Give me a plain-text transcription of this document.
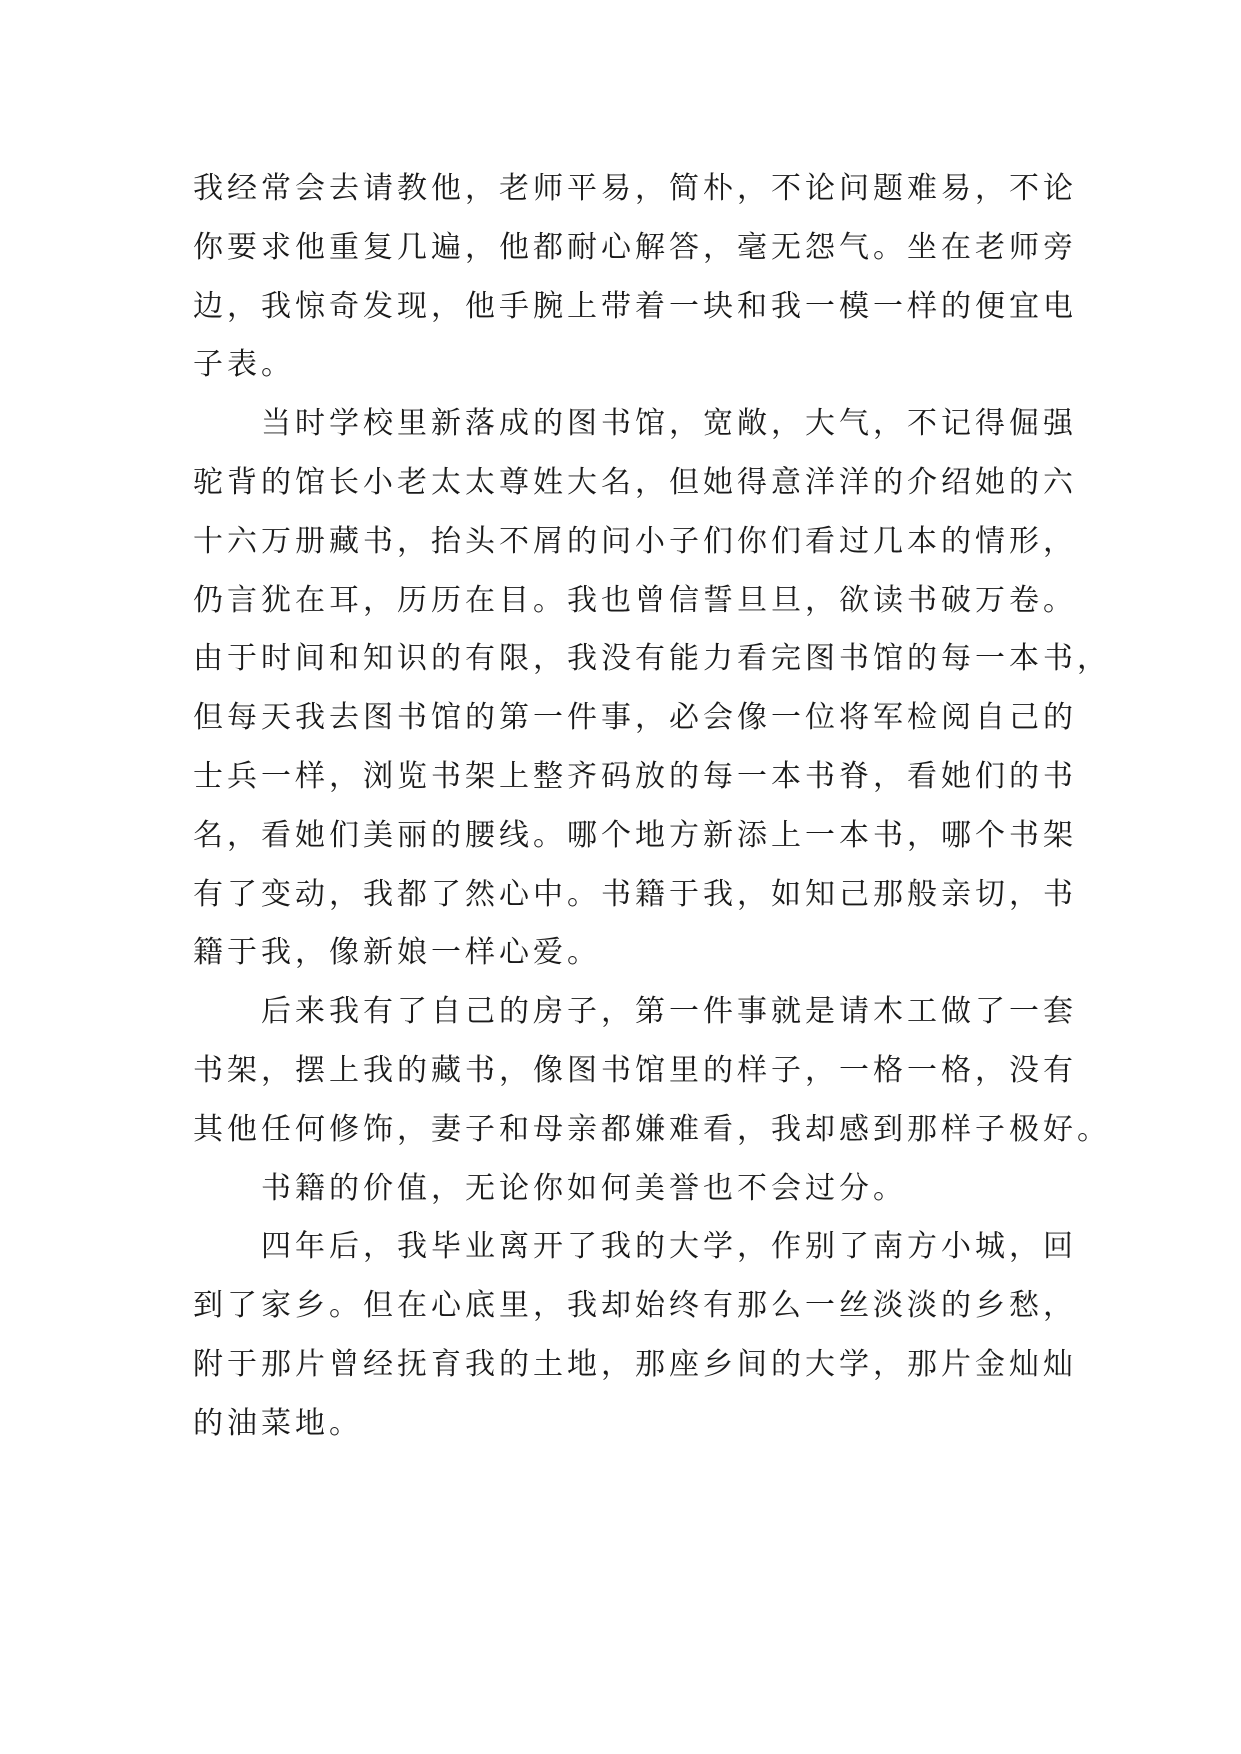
我经常会去请教他，老师平易，简朴，不论问题难易，不论
你要求他重复几遍，他都耐心解答，毫无怨气。坐在老师旁
边，我惊奇发现，他手腕上带着一块和我一模一样的便宜电
子表。
当时学校里新落成的图书馆，宽敞，大气，不记得倔强
驼背的馆长小老太太尊姓大名，但她得意洋洋的介绍她的六
十六万册藏书，抬头不屑的问小子们你们看过几本的情形，
仍言犹在耳，历历在目。我也曾信誓旦旦，欲读书破万卷。
由于时间和知识的有限，我没有能力看完图书馆的每一本书，
但每天我去图书馆的第一件事，必会像一位将军检阅自己的
士兵一样，浏览书架上整齐码放的每一本书脊，看她们的书
名，看她们美丽的腰线。哪个地方新添上一本书，哪个书架
有了变动，我都了然心中。书籍于我，如知己那般亲切，书
籍于我，像新娘一样心爱。
后来我有了自己的房子，第一件事就是请木工做了一套
书架，摆上我的藏书，像图书馆里的样子，一格一格，没有
其他任何修饰，妻子和母亲都嫌难看，我却感到那样子极好。
书籍的价值，无论你如何美誉也不会过分。
四年后，我毕业离开了我的大学，作别了南方小城，回
到了家乡。但在心底里，我却始终有那么一丝淡淡的乡愁，
附于那片曾经抚育我的土地，那座乡间的大学，那片金灿灿
的油菜地。
